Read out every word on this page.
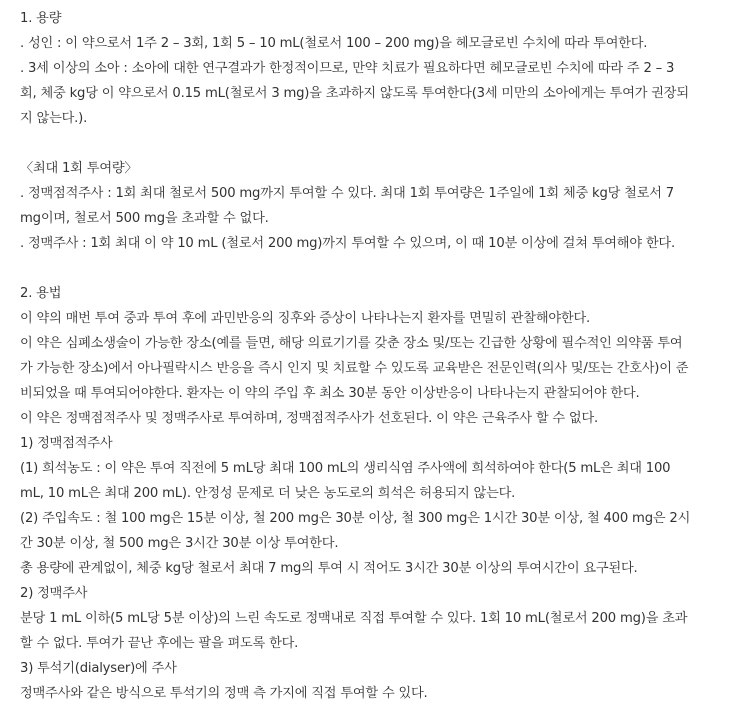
1. 용량
. 성인 : 이 약으로서 1주 2 – 3회, 1회 5 – 10 mL(철로서 100 – 200 mg)을 헤모글로빈 수치에 따라 투여한다.
. 3세 이상의 소아 : 소아에 대한 연구결과가 한정적이므로, 만약 치료가 필요하다면 헤모글로빈 수치에 따라 주 2 – 3
회, 체중 kg당 이 약으로서 0.15 mL(철로서 3 mg)을 초과하지 않도록 투여한다(3세 미만의 소아에게는 투여가 권장되
지 않는다.).
〈최대 1회 투여량〉
. 정맥점적주사 : 1회 최대 철로서 500 mg까지 투여할 수 있다. 최대 1회 투여량은 1주일에 1회 체중 kg당 철로서 7
mg이며, 철로서 500 mg을 초과할 수 없다.
. 정맥주사 : 1회 최대 이 약 10 mL (철로서 200 mg)까지 투여할 수 있으며, 이 때 10분 이상에 걸쳐 투여해야 한다.
2. 용법
이 약의 매번 투여 중과 투여 후에 과민반응의 징후와 증상이 나타나는지 환자를 면밀히 관찰해야한다.
이 약은 심폐소생술이 가능한 장소(예를 들면, 해당 의료기기를 갖춘 장소 및/또는 긴급한 상황에 필수적인 의약품 투여
가 가능한 장소)에서 아나필락시스 반응을 즉시 인지 및 치료할 수 있도록 교육받은 전문인력(의사 및/또는 간호사)이 준
비되었을 때 투여되어야한다. 환자는 이 약의 주입 후 최소 30분 동안 이상반응이 나타나는지 관찰되어야 한다.
이 약은 정맥점적주사 및 정맥주사로 투여하며, 정맥점적주사가 선호된다. 이 약은 근육주사 할 수 없다.
1) 정맥점적주사
(1) 희석농도 : 이 약은 투여 직전에 5 mL당 최대 100 mL의 생리식염 주사액에 희석하여야 한다(5 mL은 최대 100
mL, 10 mL은 최대 200 mL). 안정성 문제로 더 낮은 농도로의 희석은 허용되지 않는다.
(2) 주입속도 : 철 100 mg은 15분 이상, 철 200 mg은 30분 이상, 철 300 mg은 1시간 30분 이상, 철 400 mg은 2시
간 30분 이상, 철 500 mg은 3시간 30분 이상 투여한다.
총 용량에 관계없이, 체중 kg당 철로서 최대 7 mg의 투여 시 적어도 3시간 30분 이상의 투여시간이 요구된다.
2) 정맥주사
분당 1 mL 이하(5 mL당 5분 이상)의 느린 속도로 정맥내로 직접 투여할 수 있다. 1회 10 mL(철로서 200 mg)을 초과
할 수 없다. 투여가 끝난 후에는 팔을 펴도록 한다.
3) 투석기(dialyser)에 주사
정맥주사와 같은 방식으로 투석기의 정맥 측 가지에 직접 투여할 수 있다.
